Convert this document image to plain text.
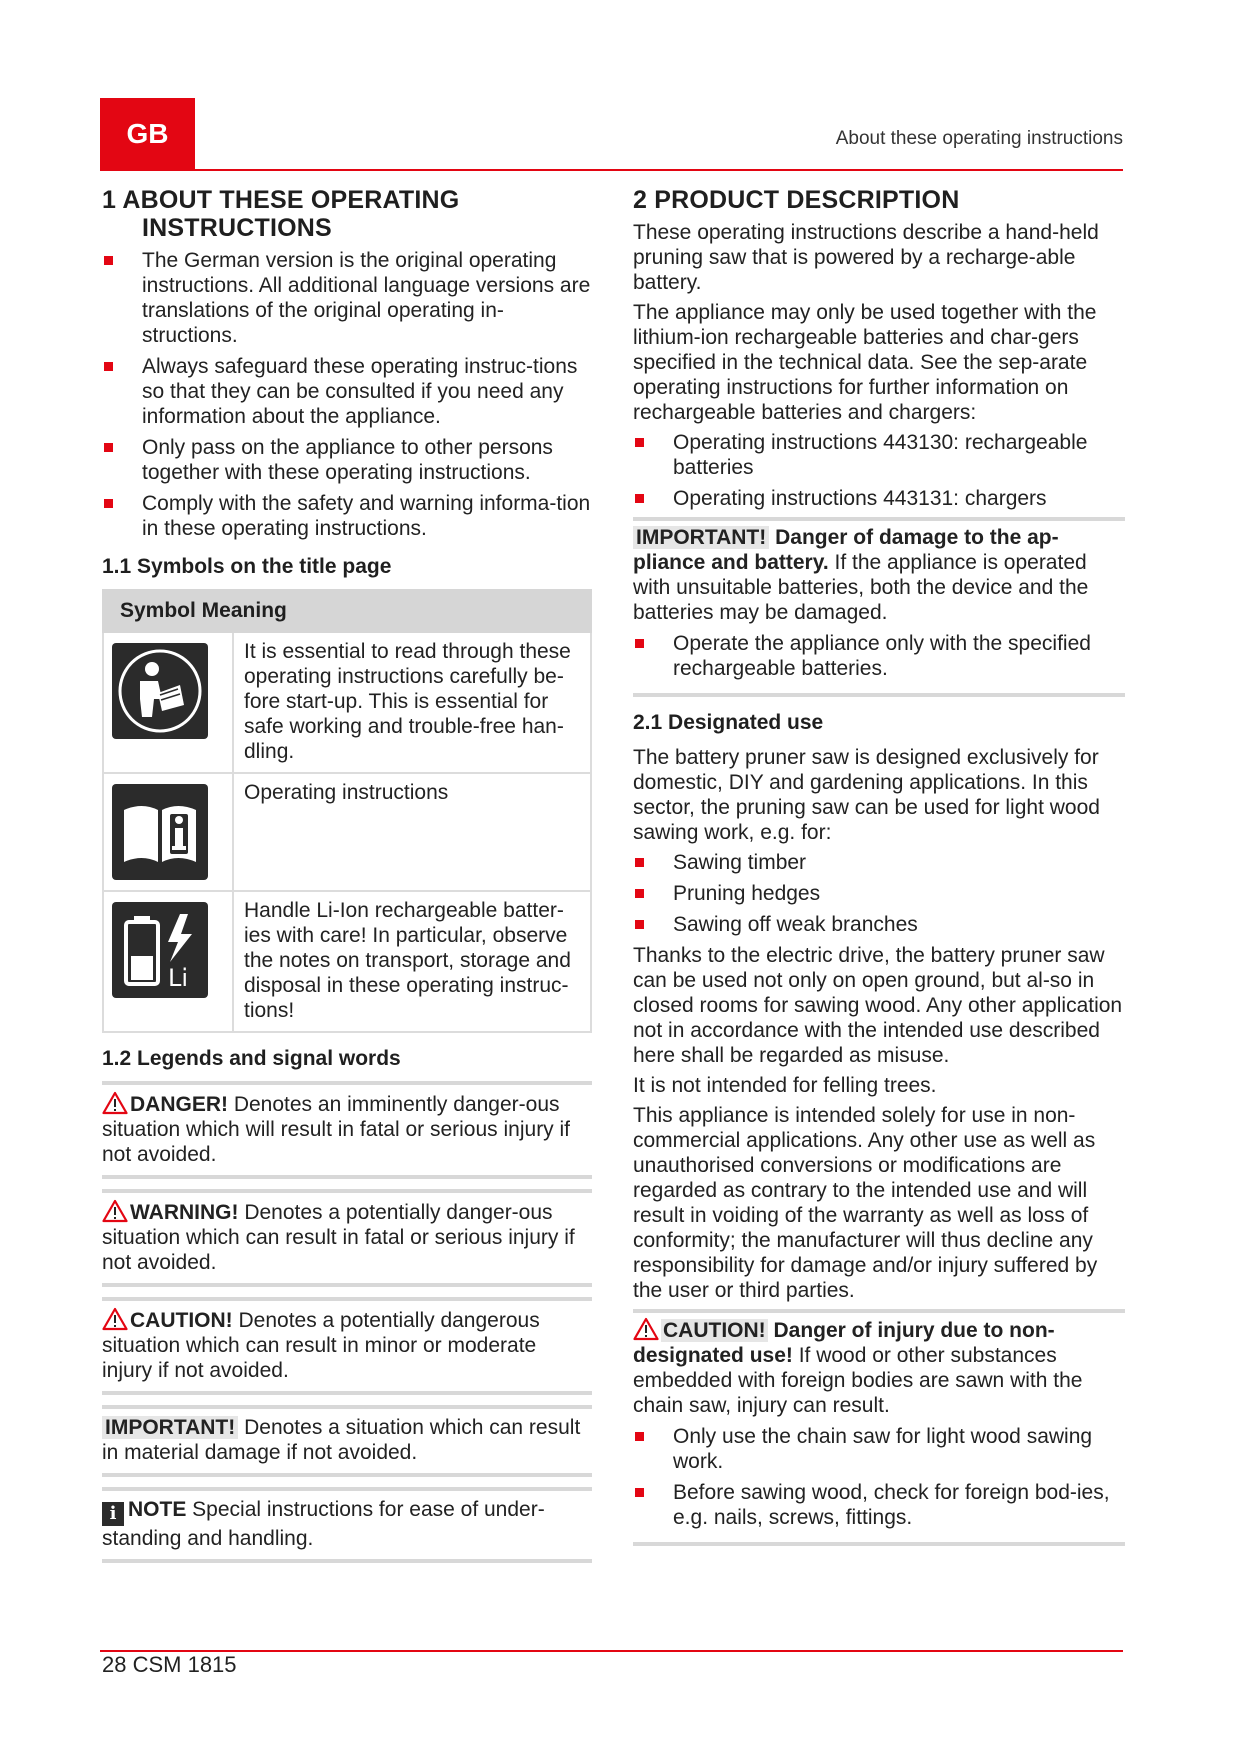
GB	About these operating instructions
1 ABOUT THESE OPERATING INSTRUCTIONS
The German version is the original operating instructions. All additional language versions are translations of the original operating in-structions.
Always safeguard these operating instruc-tions so that they can be consulted if you need any information about the appliance.
Only pass on the appliance to other persons together with these operating instructions.
Comply with the safety and warning informa-tion in these operating instructions.
1.1 Symbols on the title page
Symbol Meaning	

	It is essential to read through these operating instructions carefully be-fore start-up. This is essential for safe working and trouble-free han-dling.

	Operating instructions

Li	Handle Li-Ion rechargeable batter-ies with care! In particular, observe the notes on transport, storage and disposal in these operating instruc-tions!
1.2 Legends and signal words
DANGER! Denotes an imminently danger-ous situation which will result in fatal or serious injury if not avoided.
WARNING! Denotes a potentially danger-ous situation which can result in fatal or serious injury if not avoided.
CAUTION! Denotes a potentially dangerous situation which can result in minor or moderate injury if not avoided.
IMPORTANT! Denotes a situation which can result in material damage if not avoided.
i NOTE Special instructions for ease of under-standing and handling.
2 PRODUCT DESCRIPTION

These operating instructions describe a hand-held pruning saw that is powered by a recharge-able battery.

The appliance may only be used together with the lithium-ion rechargeable batteries and char-gers specified in the technical data. See the sep-arate operating instructions for further information on rechargeable batteries and chargers:

Operating instructions 443130: rechargeable batteries
Operating instructions 443131: chargers

IMPORTANT! Danger of damage to the ap-pliance and battery. If the appliance is operated with unsuitable batteries, both the device and the batteries may be damaged.

Operate the appliance only with the specified rechargeable batteries.
2.1 Designated use

The battery pruner saw is designed exclusively for domestic, DIY and gardening applications. In this sector, the pruning saw can be used for light wood sawing work, e.g. for:

Sawing timber
Pruning hedges
Sawing off weak branches

Thanks to the electric drive, the battery pruner saw can be used not only on open ground, but al-so in closed rooms for sawing wood. Any other application not in accordance with the intended use described here shall be regarded as misuse.

It is not intended for felling trees.

This appliance is intended solely for use in non-commercial applications. Any other use as well as unauthorised conversions or modifications are regarded as contrary to the intended use and will result in voiding of the warranty as well as loss of conformity; the manufacturer will thus decline any responsibility for damage and/or injury suffered by the user or third parties.

CAUTION! Danger of injury due to non-designated use! If wood or other substances embedded with foreign bodies are sawn with the chain saw, injury can result.

Only use the chain saw for light wood sawing work.
Before sawing wood, check for foreign bod-ies, e.g. nails, screws, fittings.
28 CSM 1815
